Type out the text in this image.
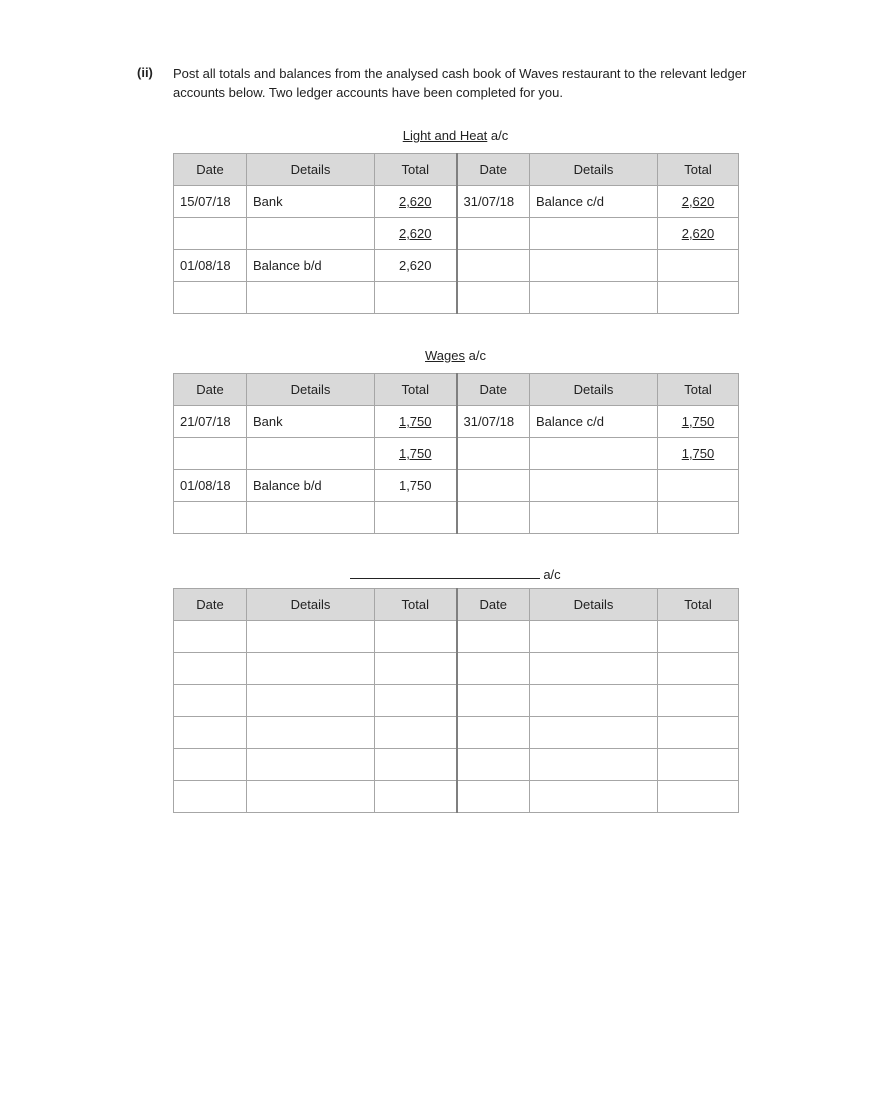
(ii) Post all totals and balances from the analysed cash book of Waves restaurant to the relevant ledger accounts below. Two ledger accounts have been completed for you.
Light and Heat a/c
Date	Details	Total	Date	Details	Total
15/07/18	Bank	2,620	31/07/18	Balance c/d	2,620
		2,620			2,620
01/08/18	Balance b/d	2,620			

Wages a/c
Date	Details	Total	Date	Details	Total
21/07/18	Bank	1,750	31/07/18	Balance c/d	1,750
		1,750			1,750
01/08/18	Balance b/d	1,750			

a/c
Date	Details	Total	Date	Details	Total
